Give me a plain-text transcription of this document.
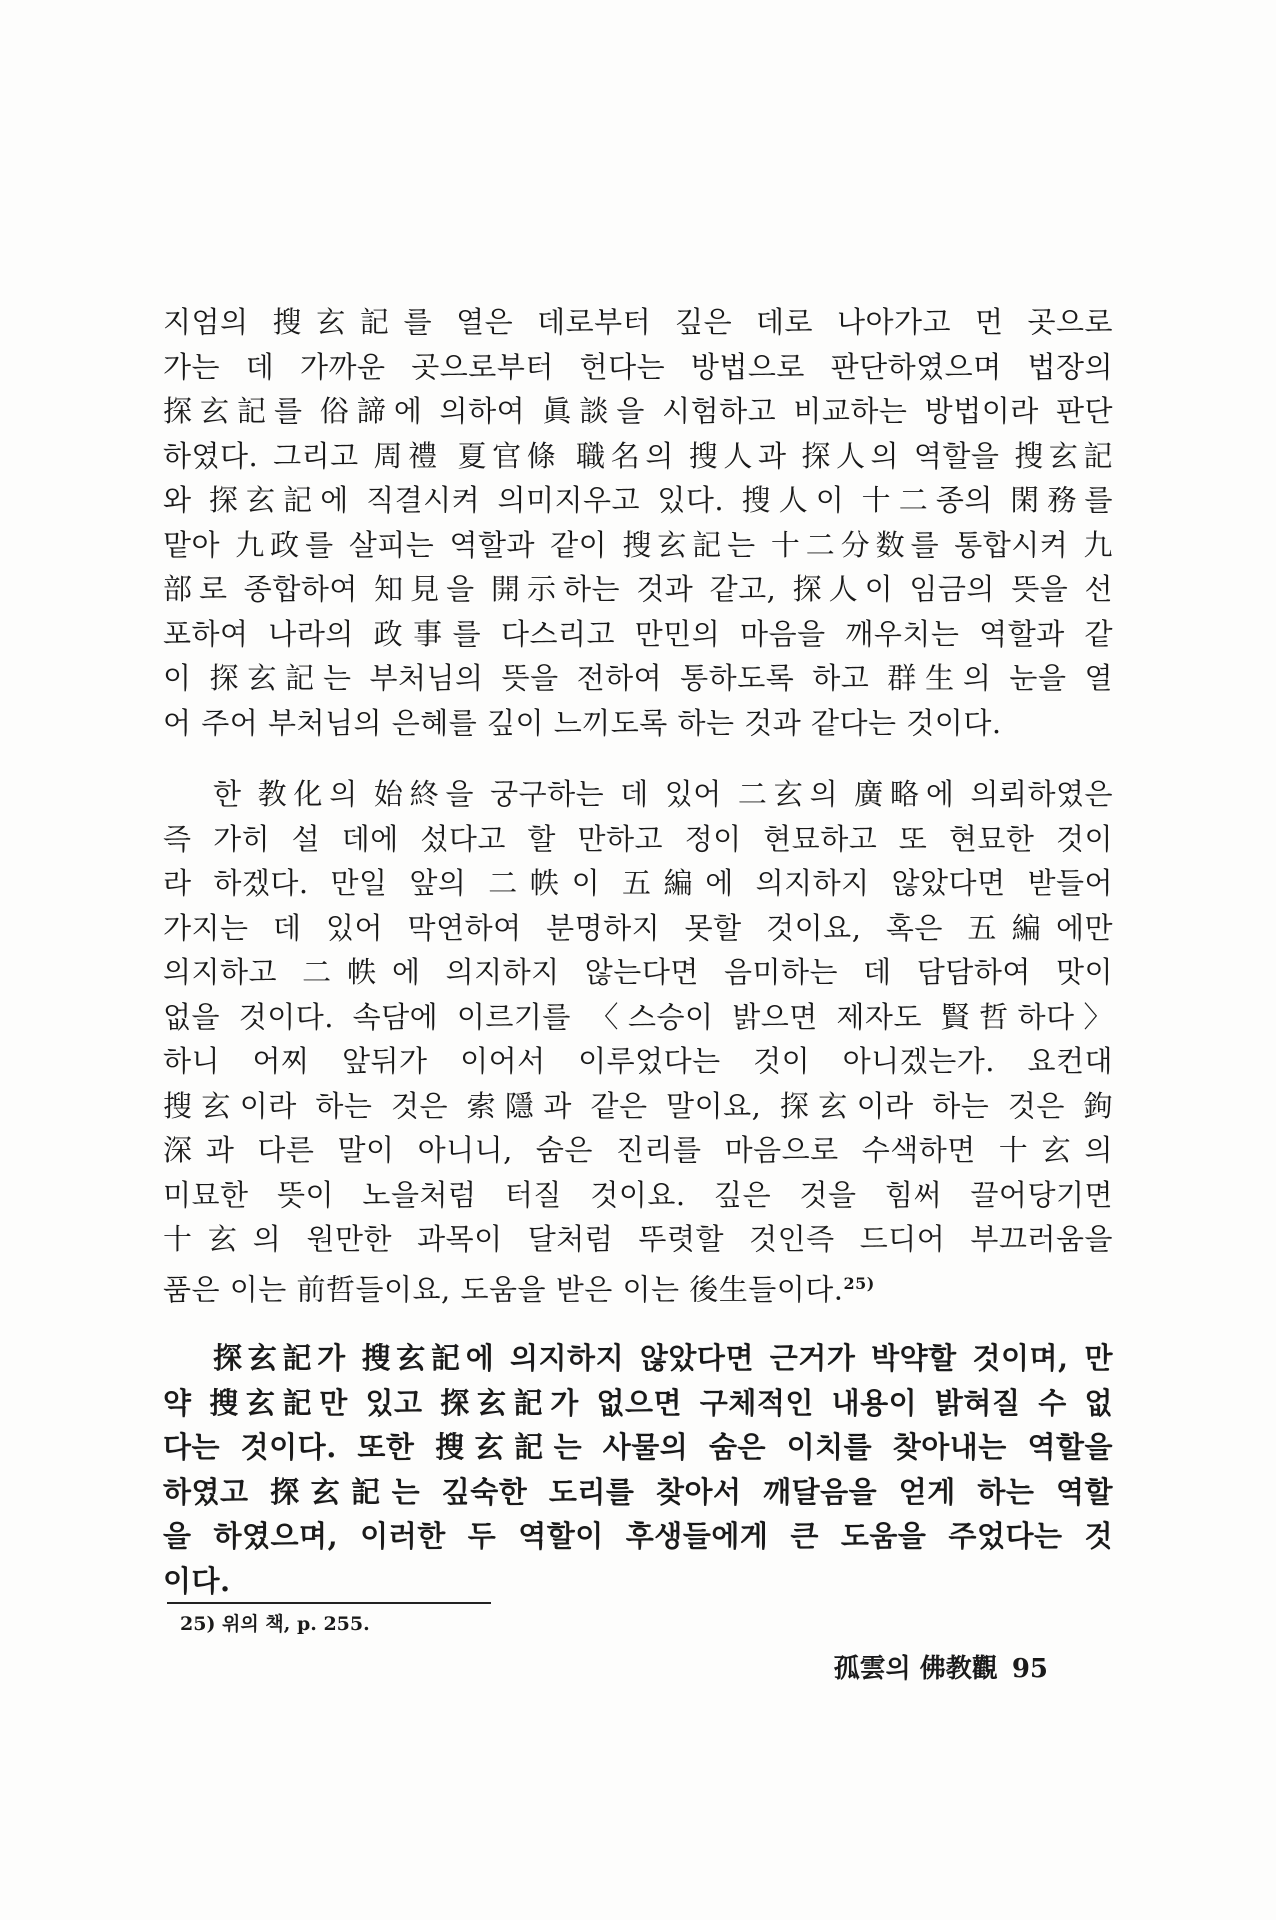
지엄의 搜玄記를 열은 데로부터 깊은 데로 나아가고 먼 곳으로
가는 데 가까운 곳으로부터 헌다는 방법으로 판단하였으며 법장의
探玄記를 俗諦에 의하여 眞談을 시험하고 비교하는 방법이라 판단
하였다. 그리고 周禮 夏官條 職名의 搜人과 探人의 역할을 搜玄記
와 探玄記에 직결시켜 의미지우고 있다. 搜人이 十二종의 閑務를
맡아 九政를 살피는 역할과 같이 搜玄記는 十二分数를 통합시켜 九
部로 종합하여 知見을 開示하는 것과 같고, 探人이 임금의 뜻을 선
포하여 나라의 政事를 다스리고 만민의 마음을 깨우치는 역할과 같
이 探玄記는 부처님의 뜻을 전하여 통하도록 하고 群生의 눈을 열
어 주어 부처님의 은혜를 깊이 느끼도록 하는 것과 같다는 것이다.
한 教化의 始終을 궁구하는 데 있어 二玄의 廣略에 의뢰하였은
즉 가히 설 데에 섰다고 할 만하고 정이 현묘하고 또 현묘한 것이
라 하겠다. 만일 앞의 二帙이 五編에 의지하지 않았다면 받들어
가지는 데 있어 막연하여 분명하지 못할 것이요, 혹은 五編에만
의지하고 二帙에 의지하지 않는다면 음미하는 데 담담하여 맛이
없을 것이다. 속담에 이르기를 〈스승이 밝으면 제자도 賢哲하다〉
하니 어찌 앞뒤가 이어서 이루었다는 것이 아니겠는가. 요컨대
搜玄이라 하는 것은 索隱과 같은 말이요, 探玄이라 하는 것은 鉤
深과 다른 말이 아니니, 숨은 진리를 마음으로 수색하면 十玄의
미묘한 뜻이 노을처럼 터질 것이요. 깊은 것을 힘써 끌어당기면
十玄의 원만한 과목이 달처럼 뚜렷할 것인즉 드디어 부끄러움을
품은 이는 前哲들이요, 도움을 받은 이는 後生들이다.$^{25)}$
探玄記가 搜玄記에 의지하지 않았다면 근거가 박약할 것이며, 만
약 搜玄記만 있고 探玄記가 없으면 구체적인 내용이 밝혀질 수 없
다는 것이다. 또한 搜玄記는 사물의 숨은 이치를 찾아내는 역할을
하였고 探玄記는 깊숙한 도리를 찾아서 깨달음을 얻게 하는 역할
을 하였으며, 이러한 두 역할이 후생들에게 큰 도움을 주었다는 것
이다.
25) 위의 책, p. 255.
孤雲의 佛教觀 95
